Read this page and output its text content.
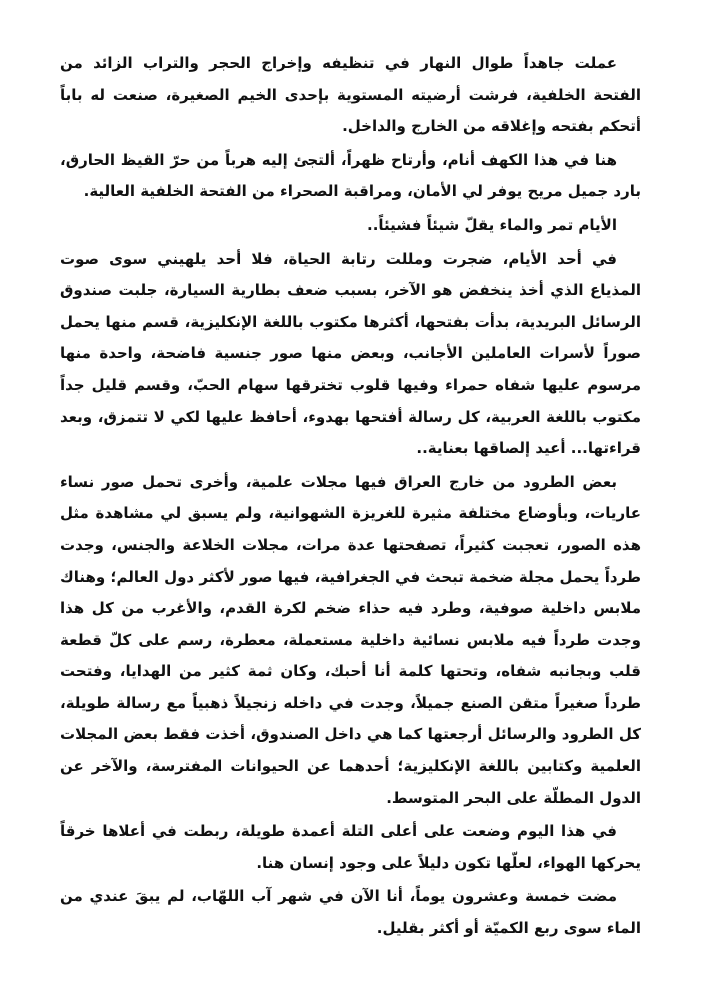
عملت جاهداً طوال النهار في تنظيفه وإخراج الحجر والتراب الزائد من الفتحة الخلفية، فرشت أرضيته المستوية بإحدى الخيم الصغيرة، صنعت له باباً أتحكم بفتحه وإغلاقه من الخارج والداخل.

هنا في هذا الكهف أنام، وأرتاح ظهراً، ألتجئ إليه هرباً من حرّ القيظ الحارق، بارد جميل مريح يوفر لي الأمان، ومراقبة الصحراء من الفتحة الخلفية العالية.

الأيام تمر والماء يقلّ شيئاً فشيئاً..

في أحد الأيام، ضجرت ومللت رتابة الحياة، فلا أحد يلهيني سوى صوت المذياع الذي أخذ ينخفض هو الآخر، بسبب ضعف بطارية السيارة، جلبت صندوق الرسائل البريدية، بدأت بفتحها، أكثرها مكتوب باللغة الإنكليزية، قسم منها يحمل صوراً لأسرات العاملين الأجانب، وبعض منها صور جنسية فاضحة، واحدة منها مرسوم عليها شفاه حمراء وفيها قلوب تخترقها سهام الحبّ، وقسم قليل جداً مكتوب باللغة العربية، كل رسالة أفتحها بهدوء، أحافظ عليها لكي لا تتمزق، وبعد قراءتها... أعيد إلصاقها بعناية..

بعض الطرود من خارج العراق فيها مجلات علمية، وأخرى تحمل صور نساء عاريات، وبأوضاع مختلفة مثيرة للغريزة الشهوانية، ولم يسبق لي مشاهدة مثل هذه الصور، تعجبت كثيراً، تصفحتها عدة مرات، مجلات الخلاعة والجنس، وجدت طرداً يحمل مجلة ضخمة تبحث في الجغرافية، فيها صور لأكثر دول العالم؛ وهناك ملابس داخلية صوفية، وطرد فيه حذاء ضخم لكرة القدم، والأغرب من كل هذا وجدت طرداً فيه ملابس نسائية داخلية مستعملة، معطرة، رسم على كلّ قطعة قلب وبجانبه شفاه، وتحتها كلمة أنا أحبك، وكان ثمة كثير من الهدايا، وفتحت طرداً صغيراً متقن الصنع جميلاً، وجدت في داخله زنجيلاً ذهبياً مع رسالة طويلة، كل الطرود والرسائل أرجعتها كما هي داخل الصندوق، أخذت فقط بعض المجلات العلمية وكتابين باللغة الإنكليزية؛ أحدهما عن الحيوانات المفترسة، والآخر عن الدول المطلّة على البحر المتوسط.

في هذا اليوم وضعت على أعلى التلة أعمدة طويلة، ربطت في أعلاها خرقاً يحركها الهواء، لعلّها تكون دليلاً على وجود إنسان هنا.

مضت خمسة وعشرون يوماً، أنا الآن في شهر آب اللهّاب، لم يبقَ عندي من الماء سوى ربع الكميّة أو أكثر بقليل.
